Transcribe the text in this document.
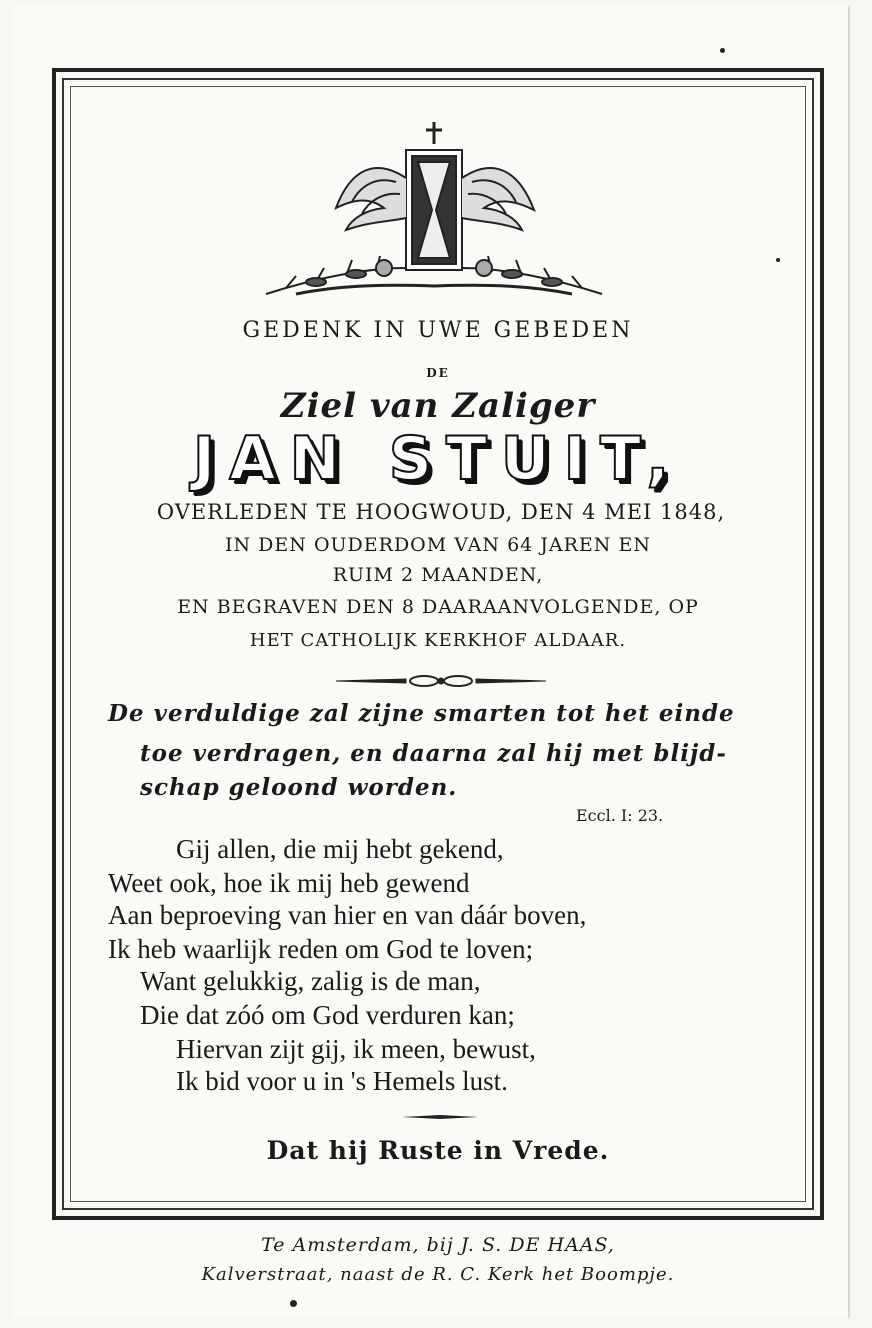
GEDENK IN UWE GEBEDEN
DE
Ziel van Zaliger
JAN STUIT,
OVERLEDEN TE HOOGWOUD, DEN 4 MEI 1848,
IN DEN OUDERDOM VAN 64 JAREN EN
RUIM 2 MAANDEN,
EN BEGRAVEN DEN 8 DAARAANVOLGENDE, OP
HET CATHOLIJK KERKHOF ALDAAR.
De verduldige zal zijne smarten tot het einde
toe verdragen, en daarna zal hij met blijd-
schap geloond worden.
Eccl. I: 23.
Gij allen, die mij hebt gekend,
Weet ook, hoe ik mij heb gewend
Aan beproeving van hier en van dáár boven,
Ik heb waarlijk reden om God te loven;
Want gelukkig, zalig is de man,
Die dat zóó om God verduren kan;
Hiervan zijt gij, ik meen, bewust,
Ik bid voor u in 's Hemels lust.
Dat hij Ruste in Vrede.
Te Amsterdam, bij J. S. DE HAAS,
Kalverstraat, naast de R. C. Kerk het Boompje.
